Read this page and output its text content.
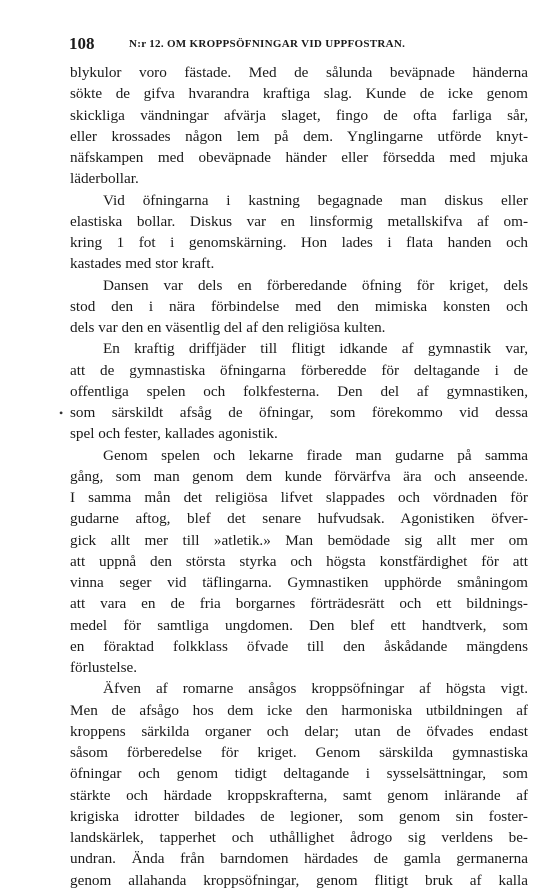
108	N:r 12. OM KROPPSÖFNINGAR VID UPPFOSTRAN.
•
blykulor voro fästade. Med de sålunda beväpnade händerna
sökte de gifva hvarandra kraftiga slag. Kunde de icke genom
skickliga vändningar afvärja slaget, fingo de ofta farliga sår,
eller krossades någon lem på dem. Ynglingarne utförde knyt-
näfskampen med obeväpnade händer eller försedda med mjuka
läderbollar.
Vid öfningarna i kastning begagnade man diskus eller
elastiska bollar. Diskus var en linsformig metallskifva af om-
kring 1 fot i genomskärning. Hon lades i flata handen och
kastades med stor kraft.
Dansen var dels en förberedande öfning för kriget, dels
stod den i nära förbindelse med den mimiska konsten och
dels var den en väsentlig del af den religiösa kulten.
En kraftig driffjäder till flitigt idkande af gymnastik var,
att de gymnastiska öfningarna förberedde för deltagande i de
offentliga spelen och folkfesterna. Den del af gymnastiken,
som särskildt afsåg de öfningar, som förekommo vid dessa
spel och fester, kallades agonistik.
Genom spelen och lekarne firade man gudarne på samma
gång, som man genom dem kunde förvärfva ära och anseende.
I samma mån det religiösa lifvet slappades och vördnaden för
gudarne aftog, blef det senare hufvudsak. Agonistiken öfver-
gick allt mer till »atletik.» Man bemödade sig allt mer om
att uppnå den största styrka och högsta konstfärdighet för att
vinna seger vid täflingarna. Gymnastiken upphörde småningom
att vara en de fria borgarnes förträdesrätt och ett bildnings-
medel för samtliga ungdomen. Den blef ett handtverk, som
en föraktad folkklass öfvade till den åskådande mängdens
förlustelse.
Äfven af romarne ansågos kroppsöfningar af högsta vigt.
Men de afsågo hos dem icke den harmoniska utbildningen af
kroppens särkilda organer och delar; utan de öfvades endast
såsom förberedelse för kriget. Genom särskilda gymnastiska
öfningar och genom tidigt deltagande i sysselsättningar, som
stärkte och härdade kroppskrafterna, samt genom inlärande af
krigiska idrotter bildades de legioner, som genom sin foster-
landskärlek, tapperhet och uthållighet ådrogo sig verldens be-
undran. Ända från barndomen härdades de gamla germanerna
genom allahanda kroppsöfningar, genom flitigt bruk af kalla
